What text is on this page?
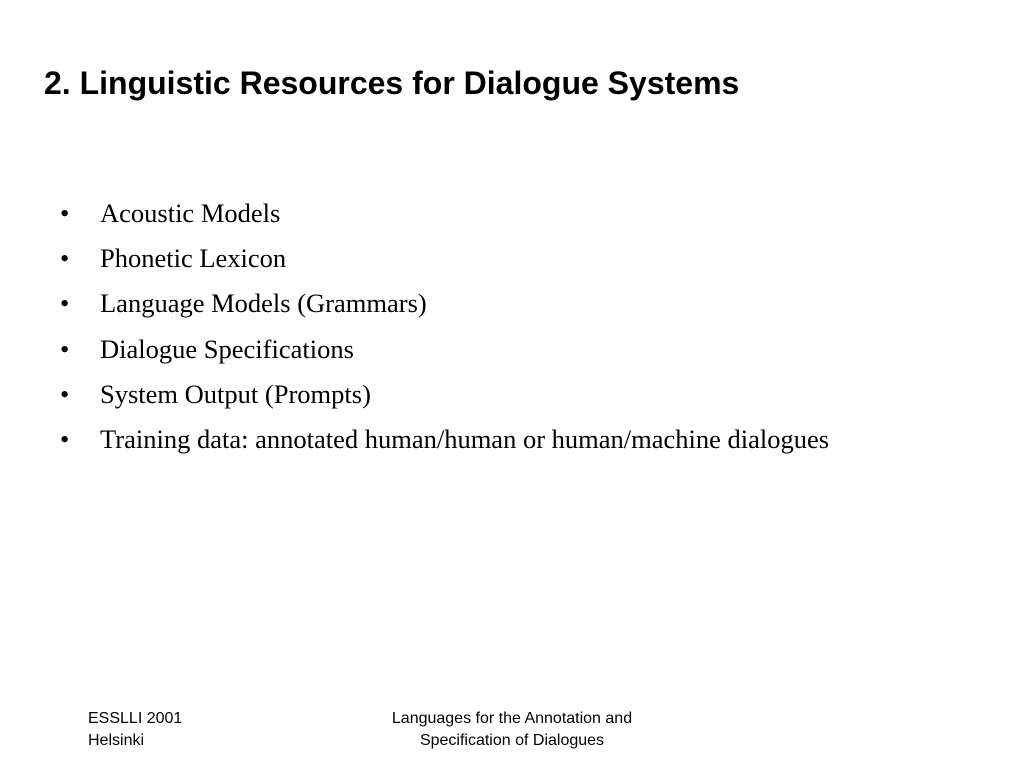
2. Linguistic Resources for Dialogue Systems
•	Acoustic Models
•	Phonetic Lexicon
•	Language Models (Grammars)
•	Dialogue Specifications
•	System Output (Prompts)
•	Training data: annotated human/human or human/machine dialogues
ESSLLI 2001
Helsinki
Languages for the Annotation and
Specification of Dialogues
